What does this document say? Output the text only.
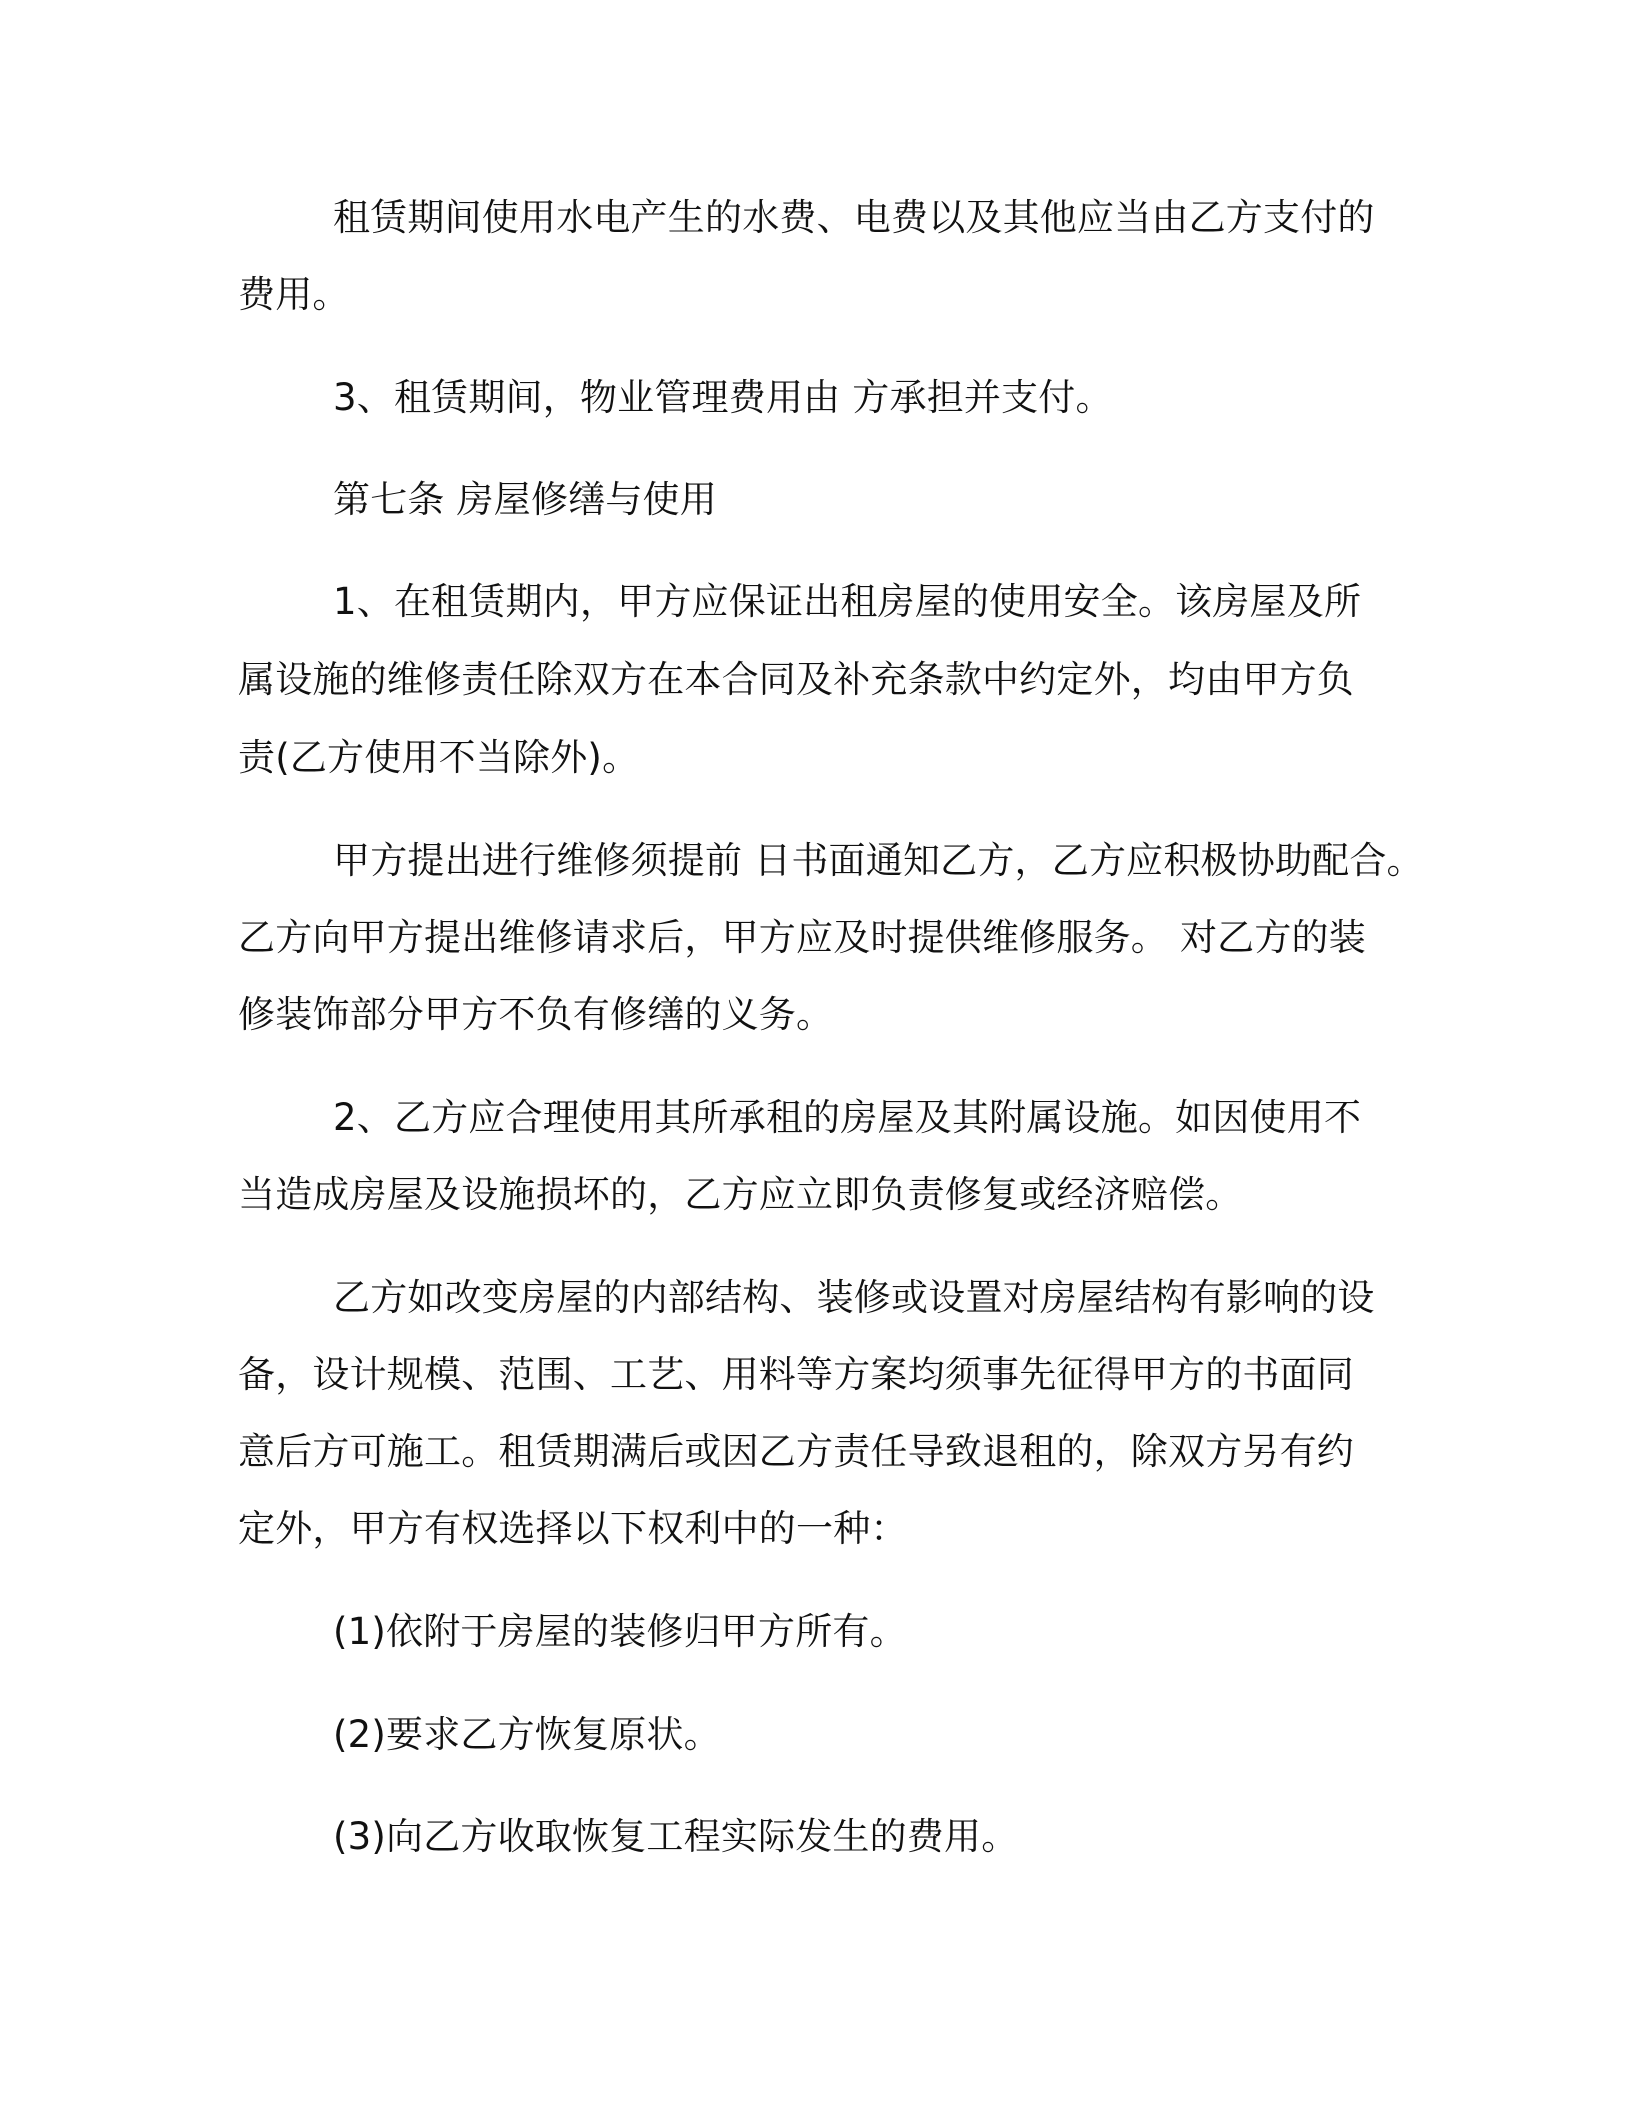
租赁期间使用水电产生的水费、电费以及其他应当由乙方支付的
费用。
3、租赁期间，物业管理费用由 方承担并支付。
第七条 房屋修缮与使用
1、在租赁期内，甲方应保证出租房屋的使用安全。该房屋及所
属设施的维修责任除双方在本合同及补充条款中约定外，均由甲方负
责(乙方使用不当除外)。
甲方提出进行维修须提前 日书面通知乙方，乙方应积极协助配合。
乙方向甲方提出维修请求后，甲方应及时提供维修服务。 对乙方的装
修装饰部分甲方不负有修缮的义务。
2、乙方应合理使用其所承租的房屋及其附属设施。如因使用不
当造成房屋及设施损坏的，乙方应立即负责修复或经济赔偿。
乙方如改变房屋的内部结构、装修或设置对房屋结构有影响的设
备，设计规模、范围、工艺、用料等方案均须事先征得甲方的书面同
意后方可施工。租赁期满后或因乙方责任导致退租的，除双方另有约
定外，甲方有权选择以下权利中的一种：
(1)依附于房屋的装修归甲方所有。
(2)要求乙方恢复原状。
(3)向乙方收取恢复工程实际发生的费用。
